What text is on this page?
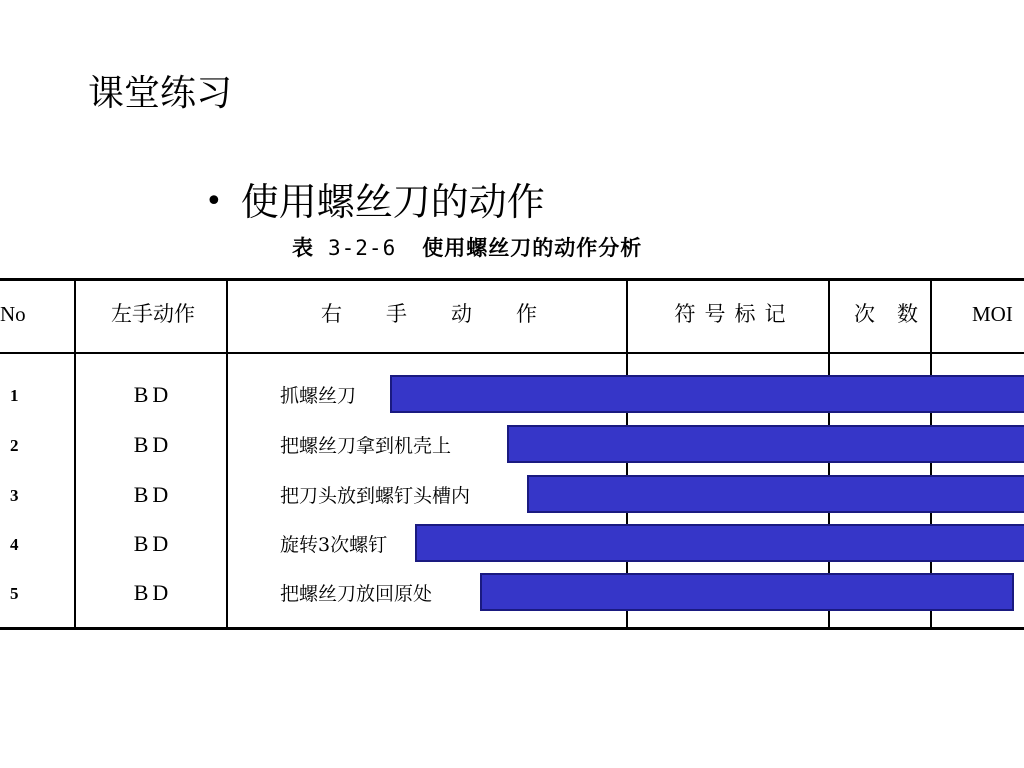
课堂练习
• 使用螺丝刀的动作
表 3-2-6 使用螺丝刀的动作分析
No	左手动作	右手动作	符号标记	次数 MOI
1	BD	抓螺丝刀
2	BD	把螺丝刀拿到机壳上
3	BD	把刀头放到螺钉头槽内
4	BD	旋转3次螺钉
5	BD	把螺丝刀放回原处
